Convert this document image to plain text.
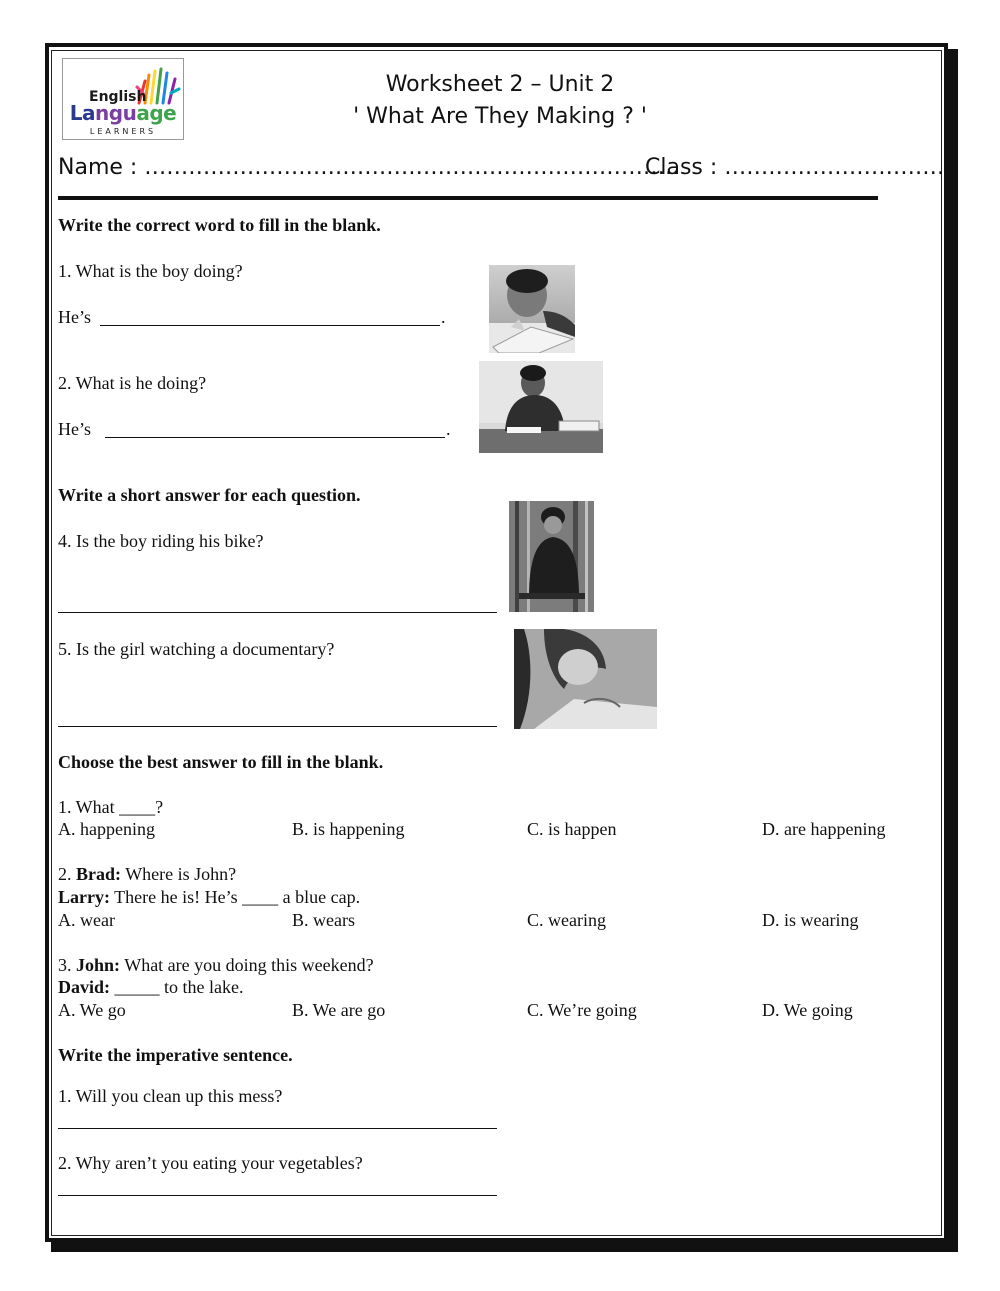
English
Language
LEARNERS
Worksheet 2 – Unit 2
' What Are They Making ? '
Name : ……………………………………………………………….
Class : …………………………
Write the correct word to fill in the blank.
1. What is the boy doing?
He’s	.
2. What is he doing?
He’s	.
Write a short answer for each question.
4. Is the boy riding his bike?
5. Is the girl watching a documentary?
Choose the best answer to fill in the blank.
1. What ____?
A. happening	B. is happening	C. is happen	D. are happening
2. Brad: Where is John?
Larry: There he is! He’s ____ a blue cap.
A. wear	B. wears	C. wearing	D. is wearing
3. John: What are you doing this weekend?
David: _____ to the lake.
A. We go	B. We are go	C. We’re going	D. We going
Write the imperative sentence.
1. Will you clean up this mess?
2. Why aren’t you eating your vegetables?
